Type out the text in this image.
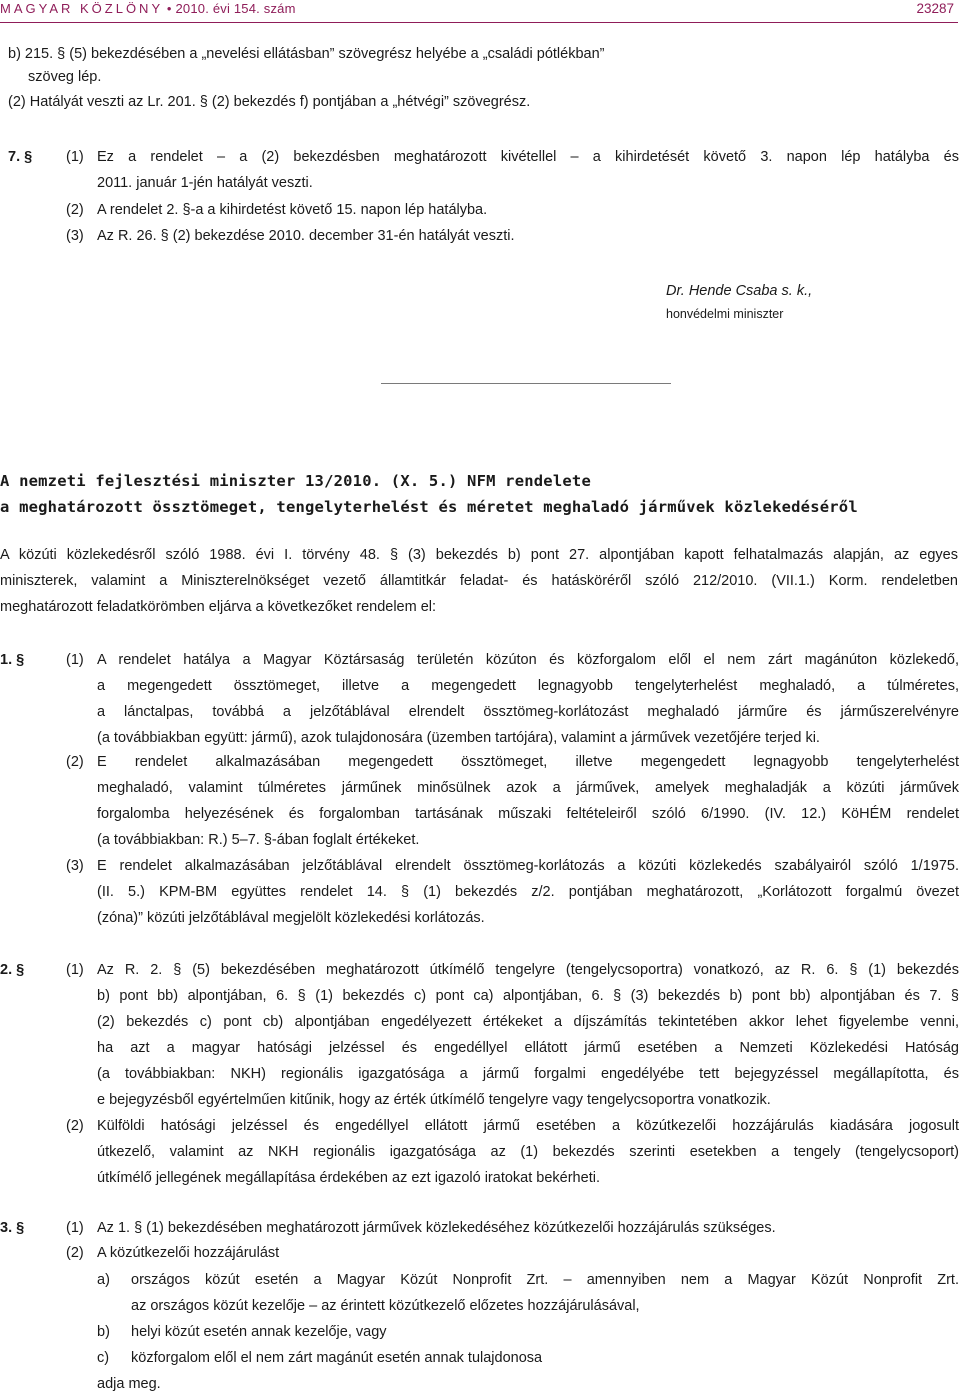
MAGYAR KÖZLÖNY • 2010. évi 154. szám	23287
b) 215. § (5) bekezdésében a „nevelési ellátásban” szövegrész helyébe a „családi pótlékban”
szöveg lép.
(2) Hatályát veszti az Lr. 201. § (2) bekezdés f) pontjában a „hétvégi” szövegrész.
7. § (1) Ez a rendelet – a (2) bekezdésben meghatározott kivétellel – a kihirdetését követő 3. napon lép hatályba és
2011. január 1-jén hatályát veszti.
(2) A rendelet 2. §-a a kihirdetést követő 15. napon lép hatályba.
(3) Az R. 26. § (2) bekezdése 2010. december 31-én hatályát veszti.
Dr. Hende Csaba s. k.,
honvédelmi miniszter
A nemzeti fejlesztési miniszter 13/2010. (X. 5.) NFM rendelete
a meghatározott össztömeget, tengelyterhelést és méretet meghaladó járművek közlekedéséről
A közúti közlekedésről szóló 1988. évi I. törvény 48. § (3) bekezdés b) pont 27. alpontjában kapott felhatalmazás alapján, az egyes
miniszterek, valamint a Miniszterelnökséget vezető államtitkár feladat- és hatásköréről szóló 212/2010. (VII.1.) Korm. rendeletben
meghatározott feladatkörömben eljárva a következőket rendelem el:
1. §	(1) A rendelet hatálya a Magyar Köztársaság területén közúton és közforgalom elől el nem zárt magánúton közlekedő,
a megengedett össztömeget, illetve a megengedett legnagyobb tengelyterhelést meghaladó, a túlméretes,
a lánctalpas, továbbá a jelzőtáblával elrendelt össztömeg-korlátozást meghaladó járműre és járműszerelvényre
(a továbbiakban együtt: jármű), azok tulajdonosára (üzemben tartójára), valamint a járművek vezetőjére terjed ki.
(2) E rendelet alkalmazásában megengedett össztömeget, illetve megengedett legnagyobb tengelyterhelést
meghaladó, valamint túlméretes járműnek minősülnek azok a járművek, amelyek meghaladják a közúti járművek
forgalomba helyezésének és forgalomban tartásának műszaki feltételeiről szóló 6/1990. (IV. 12.) KöHÉM rendelet
(a továbbiakban: R.) 5–7. §-ában foglalt értékeket.
(3) E rendelet alkalmazásában jelzőtáblával elrendelt össztömeg-korlátozás a közúti közlekedés szabályairól szóló 1/1975.
(II. 5.) KPM-BM együttes rendelet 14. § (1) bekezdés z/2. pontjában meghatározott, „Korlátozott forgalmú övezet
(zóna)” közúti jelzőtáblával megjelölt közlekedési korlátozás.
2. §	(1) Az R. 2. § (5) bekezdésében meghatározott útkímélő tengelyre (tengelycsoportra) vonatkozó, az R. 6. § (1) bekezdés
b) pont bb) alpontjában, 6. § (1) bekezdés c) pont ca) alpontjában, 6. § (3) bekezdés b) pont bb) alpontjában és 7. §
(2) bekezdés c) pont cb) alpontjában engedélyezett értékeket a díjszámítás tekintetében akkor lehet figyelembe venni,
ha azt a magyar hatósági jelzéssel és engedéllyel ellátott jármű esetében a Nemzeti Közlekedési Hatóság
(a továbbiakban: NKH) regionális igazgatósága a jármű forgalmi engedélyébe tett bejegyzéssel megállapította, és
e bejegyzésből egyértelműen kitűnik, hogy az érték útkímélő tengelyre vagy tengelycsoportra vonatkozik.
(2) Külföldi hatósági jelzéssel és engedéllyel ellátott jármű esetében a közútkezelői hozzájárulás kiadására jogosult
útkezelő, valamint az NKH regionális igazgatósága az (1) bekezdés szerinti esetekben a tengely (tengelycsoport)
útkímélő jellegének megállapítása érdekében az ezt igazoló iratokat bekérheti.
3. §	(1) Az 1. § (1) bekezdésében meghatározott járművek közlekedéséhez közútkezelői hozzájárulás szükséges.
(2) A közútkezelői hozzájárulást
a) országos közút esetén a Magyar Közút Nonprofit Zrt. – amennyiben nem a Magyar Közút Nonprofit Zrt.
az országos közút kezelője – az érintett közútkezelő előzetes hozzájárulásával,
b) helyi közút esetén annak kezelője, vagy
c) közforgalom elől el nem zárt magánút esetén annak tulajdonosa
adja meg.
